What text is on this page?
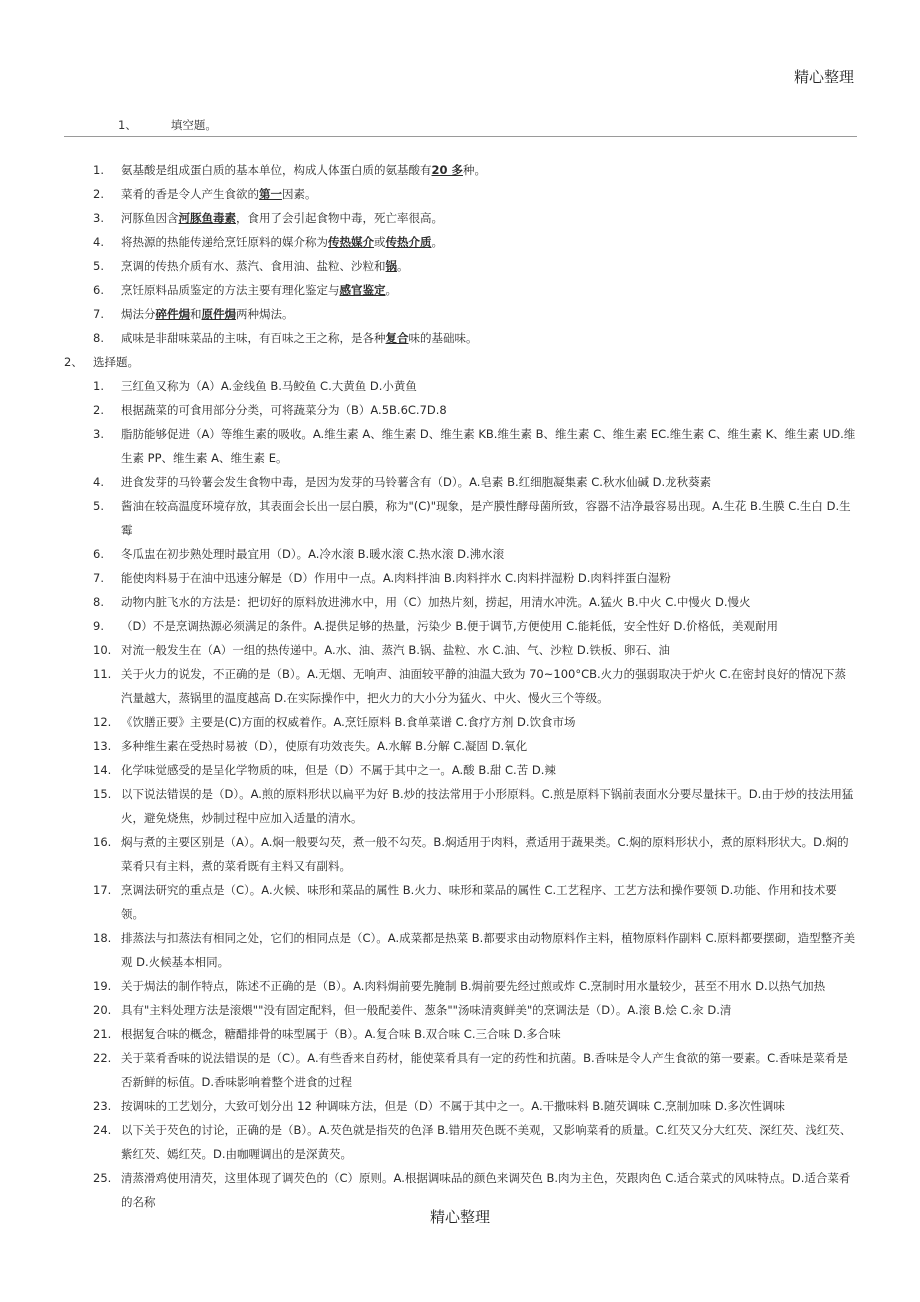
精心整理
1、	填空题。
1. 氨基酸是组成蛋白质的基本单位，构成人体蛋白质的氨基酸有20 多种。
2. 菜肴的香是令人产生食欲的第一因素。
3. 河豚鱼因含河豚鱼毒素，食用了会引起食物中毒，死亡率很高。
4. 将热源的热能传递给烹饪原料的媒介称为传热媒介或传热介质。
5. 烹调的传热介质有水、蒸汽、食用油、盐粒、沙粒和锅。
6. 烹饪原料品质鉴定的方法主要有理化鉴定与感官鉴定。
7. 焗法分碎件焗和原件焗两种焗法。
8. 咸味是非甜味菜品的主味，有百味之王之称，是各种复合味的基础味。
2、 选择题。
1. 三红鱼又称为（A）A.金线鱼 B.马鲛鱼 C.大黄鱼 D.小黄鱼
2. 根据蔬菜的可食用部分分类，可将蔬菜分为（B）A.5B.6C.7D.8
3. 脂肪能够促进（A）等维生素的吸收。A.维生素 A、维生素 D、维生素 KB.维生素 B、维生素 C、维生素 EC.维生素 C、维生素 K、维生素 UD.维生素 PP、维生素 A、维生素 E。
4. 进食发芽的马铃薯会发生食物中毒，是因为发芽的马铃薯含有（D）。A.皂素 B.红细胞凝集素 C.秋水仙碱 D.龙秋葵素
5. 酱油在较高温度环境存放，其表面会长出一层白膜，称为"(C)"现象，是产膜性酵母菌所致，容器不洁净最容易出现。A.生花 B.生膜 C.生白 D.生霉
6. 冬瓜盅在初步熟处理时最宜用（D）。A.冷水滚 B.暖水滚 C.热水滚 D.沸水滚
7. 能使肉料易于在油中迅速分解是（D）作用中一点。A.肉料拌油 B.肉料拌水 C.肉料拌湿粉 D.肉料拌蛋白湿粉
8. 动物内脏飞水的方法是：把切好的原料放进沸水中，用（C）加热片刻，捞起，用清水冲洗。A.猛火 B.中火 C.中慢火 D.慢火
9. （D）不是烹调热源必须满足的条件。A.提供足够的热量，污染少 B.便于调节,方便使用 C.能耗低，安全性好 D.价格低，美观耐用
10. 对流一般发生在（A）一组的热传递中。A.水、油、蒸汽 B.锅、盐粒、水 C.油、气、沙粒 D.铁板、卵石、油
11. 关于火力的说发，不正确的是（B）。A.无烟、无响声、油面较平静的油温大致为 70~100°CB.火力的强弱取决于炉火 C.在密封良好的情况下蒸汽量越大，蒸锅里的温度越高 D.在实际操作中，把火力的大小分为猛火、中火、慢火三个等级。
12. 《饮膳正要》主要是(C)方面的权威着作。A.烹饪原料 B.食单菜谱 C.食疗方剂 D.饮食市场
13. 多种维生素在受热时易被（D），使原有功效丧失。A.水解 B.分解 C.凝固 D.氧化
14. 化学味觉感受的是呈化学物质的味，但是（D）不属于其中之一。A.酸 B.甜 C.苦 D.辣
15. 以下说法错误的是（D）。A.煎的原料形状以扁平为好 B.炒的技法常用于小形原料。C.煎是原料下锅前表面水分要尽量抹干。D.由于炒的技法用猛火，避免烧焦，炒制过程中应加入适量的清水。
16. 焖与煮的主要区别是（A）。A.焖一般要勾芡，煮一般不勾芡。B.焖适用于肉料，煮适用于蔬果类。C.焖的原料形状小，煮的原料形状大。D.焖的菜肴只有主料，煮的菜肴既有主料又有副料。
17. 烹调法研究的重点是（C）。A.火候、味形和菜品的属性 B.火力、味形和菜品的属性 C.工艺程序、工艺方法和操作要领 D.功能、作用和技术要领。
18. 排蒸法与扣蒸法有相同之处，它们的相同点是（C）。A.成菜都是热菜 B.都要求由动物原料作主料，植物原料作副料 C.原料都要摆砌，造型整齐美观 D.火候基本相同。
19. 关于焗法的制作特点，陈述不正确的是（B）。A.肉料焗前要先腌制 B.焗前要先经过煎或炸 C.烹制时用水量较少，甚至不用水 D.以热气加热
20. 具有"主料处理方法是滚煨""没有固定配料，但一般配姜件、葱条""汤味清爽鲜美"的烹调法是（D）。A.滚 B.烩 C.汆 D.清
21. 根据复合味的概念，糖醋排骨的味型属于（B）。A.复合味 B.双合味 C.三合味 D.多合味
22. 关于菜肴香味的说法错误的是（C）。A.有些香来自药材，能使菜肴具有一定的药性和抗菌。B.香味是令人产生食欲的第一要素。C.香味是菜肴是否新鲜的标值。D.香味影响着整个进食的过程
23. 按调味的工艺划分，大致可划分出 12 种调味方法，但是（D）不属于其中之一。A.干撒味料 B.随芡调味 C.烹制加味 D.多次性调味
24. 以下关于芡色的讨论，正确的是（B）。A.芡色就是指芡的色泽 B.错用芡色既不美观，又影响菜肴的质量。C.红芡又分大红芡、深红芡、浅红芡、紫红芡、嫣红芡。D.由咖喱调出的是深黄芡。
25. 清蒸滑鸡使用清芡，这里体现了调芡色的（C）原则。A.根据调味品的颜色来调芡色 B.肉为主色，芡跟肉色 C.适合菜式的风味特点。D.适合菜肴的名称
精心整理
